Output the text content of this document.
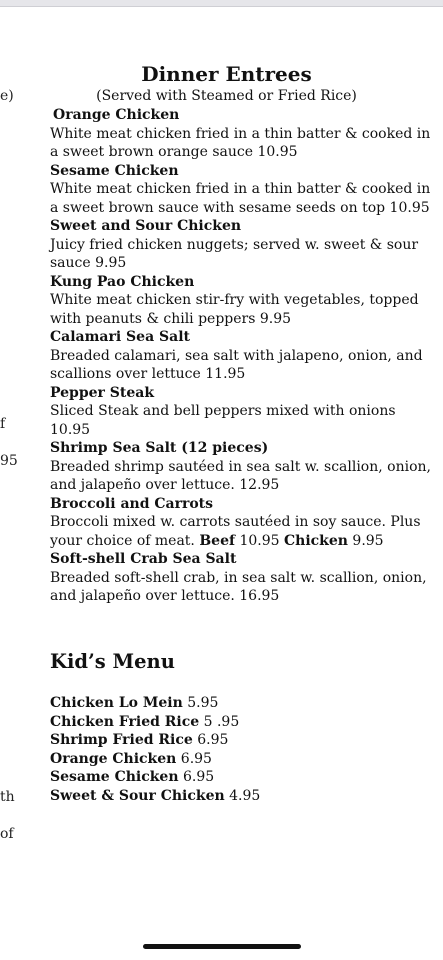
e)
f
95
th
of
Dinner Entrees
(Served with Steamed or Fried Rice)
Orange Chicken
White meat chicken fried in a thin batter & cooked in a sweet brown orange sauce 10.95
Sesame Chicken
White meat chicken fried in a thin batter & cooked in a sweet brown sauce with sesame seeds on top 10.95
Sweet and Sour Chicken
Juicy fried chicken nuggets; served w. sweet & sour sauce 9.95
Kung Pao Chicken
White meat chicken stir-fry with vegetables, topped with peanuts & chili peppers 9.95
Calamari Sea Salt
Breaded calamari, sea salt with jalapeno, onion, and scallions over lettuce 11.95
Pepper Steak
Sliced Steak and bell peppers mixed with onions 10.95
Shrimp Sea Salt (12 pieces)
Breaded shrimp sautéed in sea salt w. scallion, onion, and jalapeño over lettuce. 12.95
Broccoli and Carrots
Broccoli mixed w. carrots sautéed in soy sauce. Plus your choice of meat. Beef 10.95 Chicken 9.95
Soft-shell Crab Sea Salt
Breaded soft-shell crab, in sea salt w. scallion, onion, and jalapeño over lettuce. 16.95
Kid’s Menu
Chicken Lo Mein 5.95
Chicken Fried Rice 5 .95
Shrimp Fried Rice 6.95
Orange Chicken 6.95
Sesame Chicken 6.95
Sweet & Sour Chicken 4.95
